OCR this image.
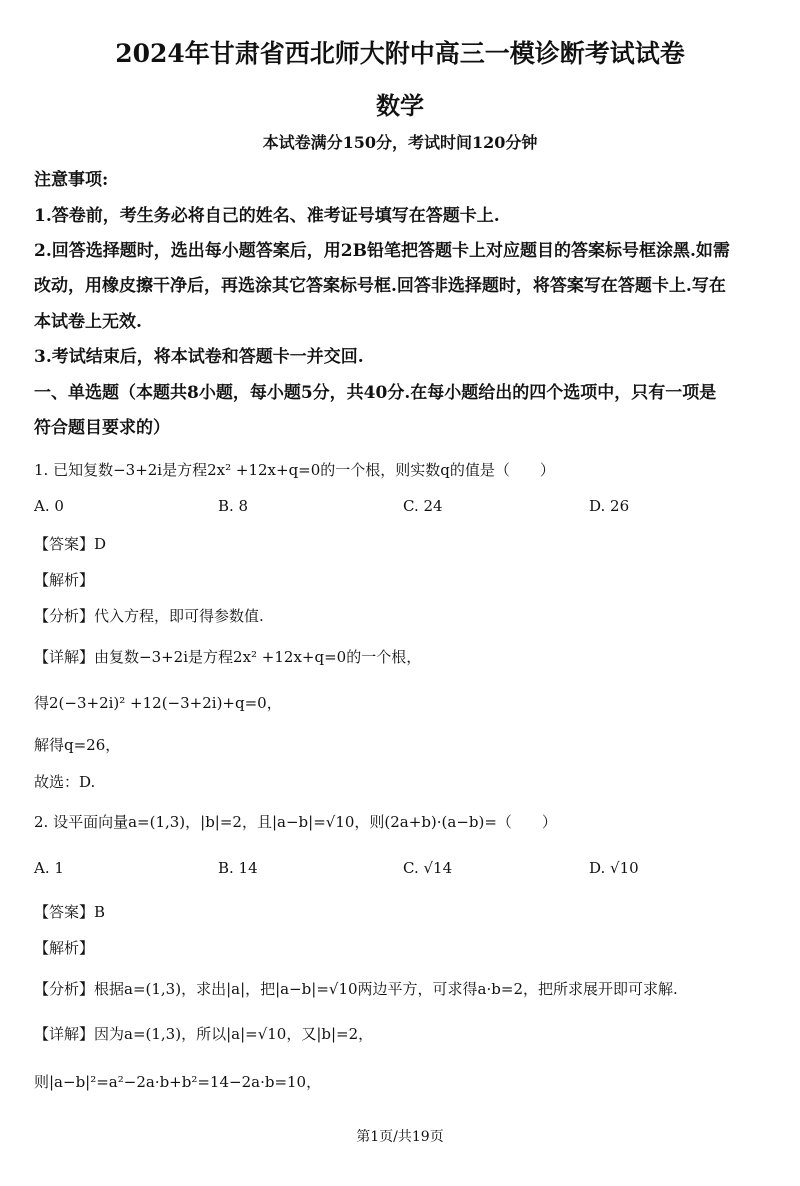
2024年甘肃省西北师大附中高三一模诊断考试试卷
数学
本试卷满分150分，考试时间120分钟
注意事项:
1.答卷前，考生务必将自己的姓名、准考证号填写在答题卡上.
2.回答选择题时，选出每小题答案后，用2B铅笔把答题卡上对应题目的答案标号框涂黑.如需
改动，用橡皮擦干净后，再选涂其它答案标号框.回答非选择题时，将答案写在答题卡上.写在
本试卷上无效.
3.考试结束后，将本试卷和答题卡一并交回.
一、单选题（本题共8小题，每小题5分，共40分.在每小题给出的四个选项中，只有一项是
符合题目要求的）
1. 已知复数−3+2i是方程2x² +12x+q=0的一个根，则实数q的值是（　　）
A. 0	B. 8	C. 24	D. 26
【答案】D
【解析】
【分析】代入方程，即可得参数值.
【详解】由复数−3+2i是方程2x² +12x+q=0的一个根，
得2(−3+2i)² +12(−3+2i)+q=0，
解得q=26，
故选：D.
2. 设平面向量a=(1,3)，|b|=2，且|a−b|=√10，则(2a+b)·(a−b)=（　　）
A. 1	B. 14	C. √14	D. √10
【答案】B
【解析】
【分析】根据a=(1,3)，求出|a|，把|a−b|=√10两边平方，可求得a·b=2，把所求展开即可求解.
【详解】因为a=(1,3)，所以|a|=√10，又|b|=2，
则|a−b|²=a²−2a·b+b²=14−2a·b=10，
第1页/共19页
